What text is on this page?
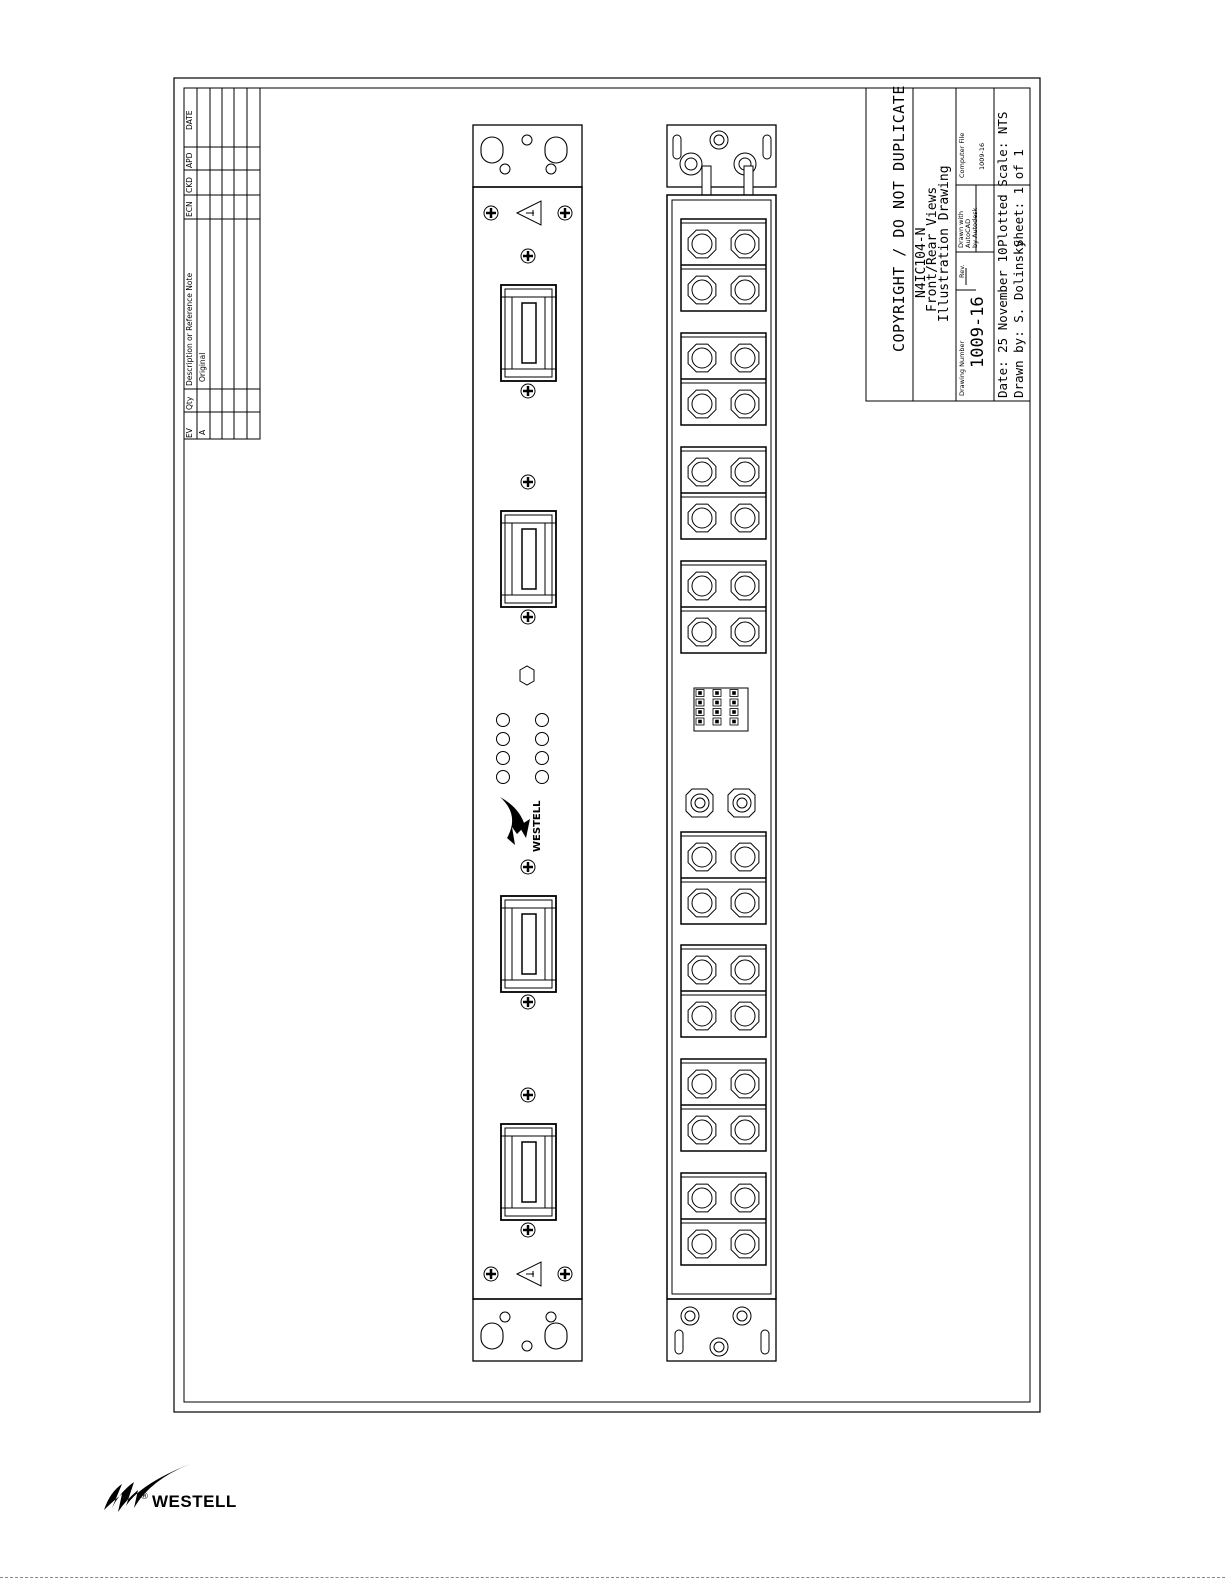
EV
Qty
Description or Reference Note
ECN
CKD
APD
DATE
A
Original
COPYRIGHT / DO NOT DUPLICATE N4IC104-N
Front/Rear Views
Illustration Drawing
Drawing Number
1009-16
Rev.
Drawn with AutoCAD by Autodesk
Computer File 1009-16
Date: 25 November 10 Drawn by: S. Dolinsky
Plotted Scale: NTS Sheet: 1 of 1
WESTELL
® WESTELL
